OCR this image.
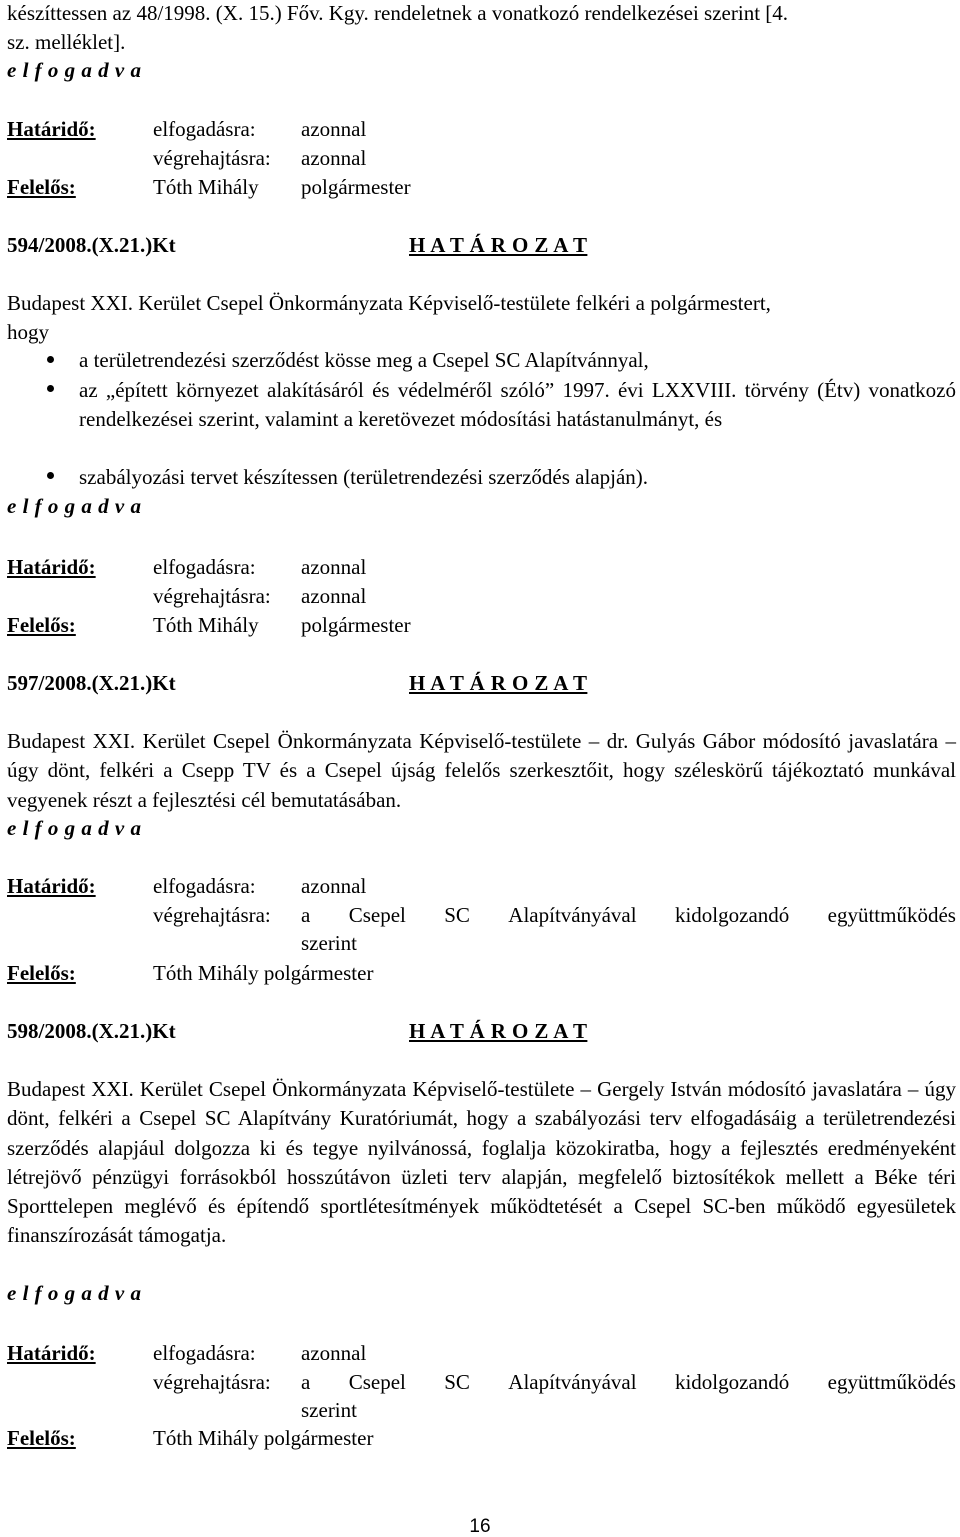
készíttessen az 48/1998. (X. 15.) Főv. Kgy. rendeletnek a vonatkozó rendelkezései szerint [4.
sz. melléklet].
e l f o g a d v a
Határidő:	elfogadásra: azonnal
végrehajtásra: azonnal
Felelős:	Tóth Mihály polgármester
594/2008.(X.21.)Kt	H A T Á R O Z A T
Budapest XXI. Kerület Csepel Önkormányzata Képviselő-testülete felkéri a polgármestert,
hogy
a területrendezési szerződést kösse meg a Csepel SC Alapítvánnyal,
az „épített környezet alakításáról és védelméről szóló” 1997. évi LXXVIII. törvény (Étv) vonatkozó rendelkezései szerint, valamint a keretövezet módosítási hatástanulmányt, és
szabályozási tervet készítessen (területrendezési szerződés alapján).
e l f o g a d v a
Határidő:	elfogadásra: azonnal
végrehajtásra: azonnal
Felelős:	Tóth Mihály polgármester
597/2008.(X.21.)Kt	H A T Á R O Z A T
Budapest XXI. Kerület Csepel Önkormányzata Képviselő-testülete – dr. Gulyás Gábor módosító javaslatára – úgy dönt, felkéri a Csepp TV és a Csepel újság felelős szerkesztőit, hogy széleskörű tájékoztató munkával vegyenek részt a fejlesztési cél bemutatásában.
e l f o g a d v a
Határidő:	elfogadásra: azonnal
végrehajtásra: a Csepel SC Alapítványával kidolgozandó együttműködés
szerint
Felelős:	Tóth Mihály polgármester
598/2008.(X.21.)Kt	H A T Á R O Z A T
Budapest XXI. Kerület Csepel Önkormányzata Képviselő-testülete – Gergely István módosító javaslatára – úgy dönt, felkéri a Csepel SC Alapítvány Kuratóriumát, hogy a szabályozási terv elfogadásáig a területrendezési szerződés alapjául dolgozza ki és tegye nyilvánossá, foglalja közokiratba, hogy a fejlesztés eredményeként létrejövő pénzügyi forrásokból hosszútávon üzleti terv alapján, megfelelő biztosítékok mellett a Béke téri Sporttelepen meglévő és építendő sportlétesítmények működtetését a Csepel SC-ben működő egyesületek finanszírozását támogatja.
e l f o g a d v a
Határidő:	elfogadásra: azonnal
végrehajtásra: a Csepel SC Alapítványával kidolgozandó együttműködés
szerint
Felelős:	Tóth Mihály polgármester
16
